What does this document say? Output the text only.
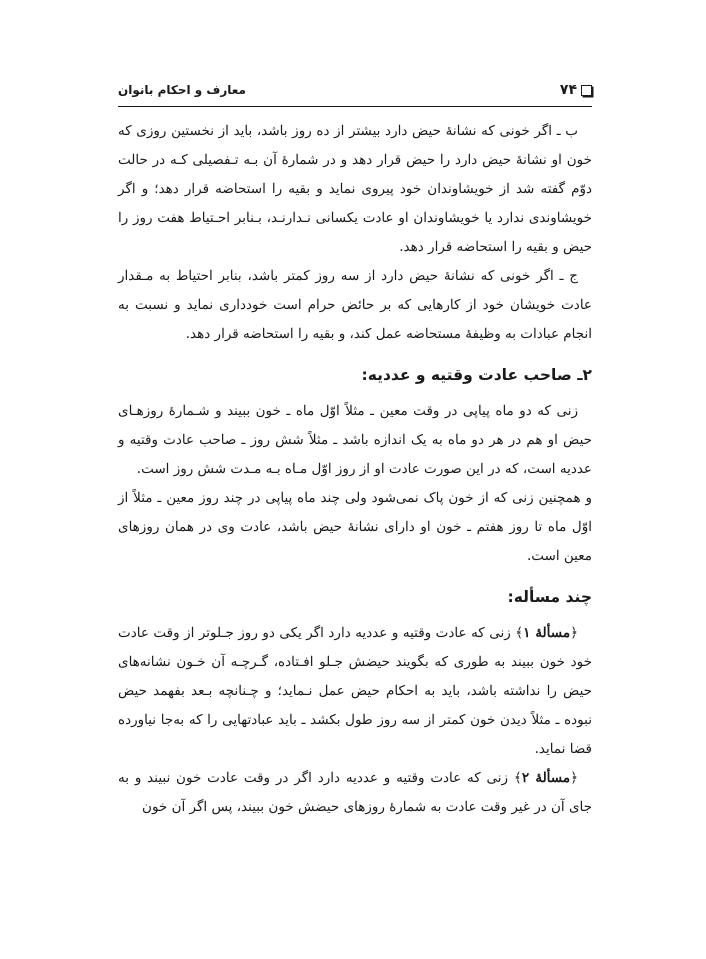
۷۴
معارف و احکام بانوان

ب ـ اگر خونی که نشانهٔ حیض دارد بیشتر از ده روز باشد، باید از نخستین روزی که خون او نشانهٔ حیض دارد را حیض قرار دهد و در شمارهٔ آن بـه تـفصیلی کـه در حالت دوّم گفته شد از خویشاوندان خود پیروی نماید و بقیه را استحاضه قرار دهد؛ و اگر خویشاوندی ندارد یا خویشاوندان او عادت یکسانی نـدارنـد، بـنابر احـتیاط هفت روز را حیض و بقیه را استحاضه قرار دهد.

ج ـ اگر خونی که نشانهٔ حیض دارد از سه روز کمتر باشد، بنابر احتیاط به مـقدار عادت خویشان خود از کارهایی که بر حائض حرام است خودداری نماید و نسبت به انجام عبادات به وظیفهٔ مستحاضه عمل کند، و بقیه را استحاضه قرار دهد.

۲ـ صاحب عادت وقتیه و عددیه:

زنی که دو ماه پیاپی در وقت معین ـ مثلاً اوّل ماه ـ خون ببیند و شـمارهٔ روزهـای حیض او هم در هر دو ماه به یک اندازه باشد ـ مثلاً شش روز ـ صاحب عادت وقتیه و عددیه است، که در این صورت عادت او از روز اوّل مـاه بـه مـدت شش روز است.

و همچنین زنی که از خون پاک نمی‌شود ولی چند ماه پیاپی در چند روز معین ـ مثلاً از اوّل ماه تا روز هفتم ـ خون او دارای نشانهٔ حیض باشد، عادت وی در همان روزهای معین است.

چند مسأله:

﴿مسألهٔ ۱﴾ زنی که عادت وقتیه و عددیه دارد اگر یکی دو روز جـلوتر از وقت عادت خود خون ببیند به طوری که بگویند حیضش جـلو افـتاده، گـرچـه آن خـون نشانه‌های حیض را نداشته باشد، باید به احکام حیض عمل نـماید؛ و چـنانچه بـعد بفهمد حیض نبوده ـ مثلاً دیدن خون کمتر از سه روز طول بکشد ـ باید عبادتهایی را که به‌جا نیاورده قضا نماید.

﴿مسألهٔ ۲﴾ زنی که عادت وقتیه و عددیه دارد اگر در وقت عادت خون نبیند و به جای آن در غیر وقت عادت به شمارهٔ روزهای حیضش خون ببیند، پس اگر آن خون
